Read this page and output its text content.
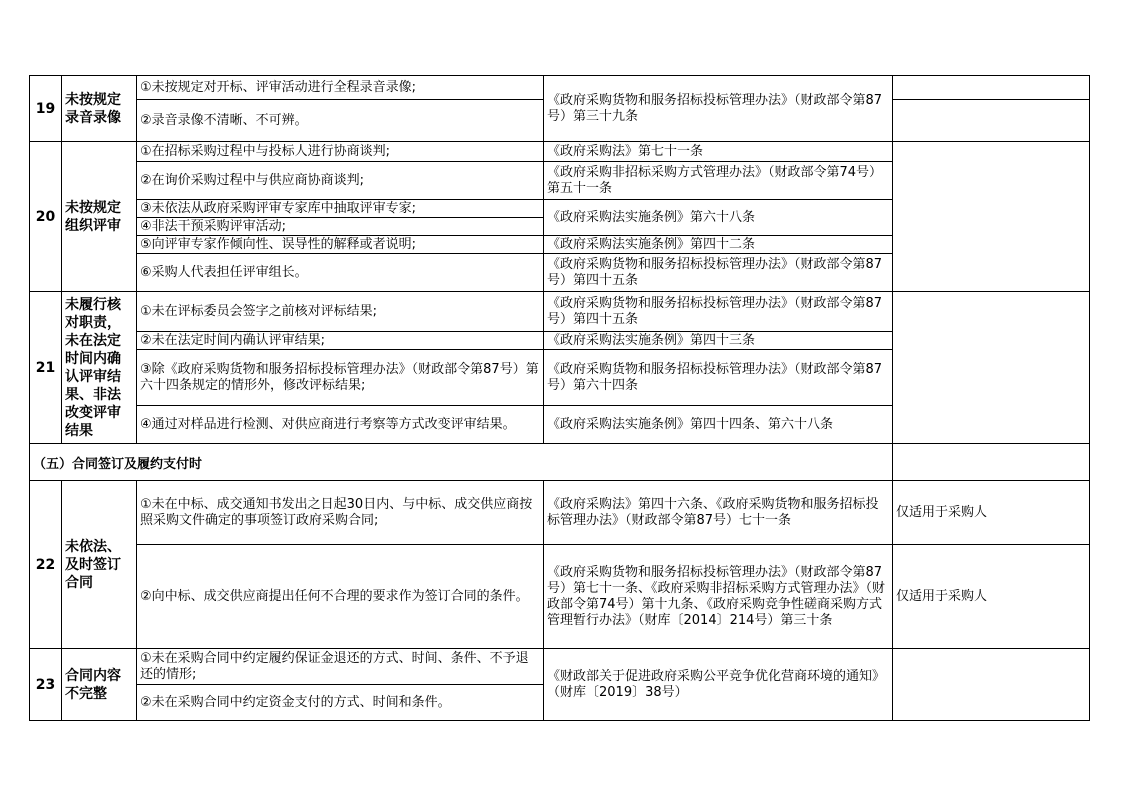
19	未按规定录音录像	①未按规定对开标、评审活动进行全程录音录像;	《政府采购货物和服务招标投标管理办法》（财政部令第87号）第三十九条	
		②录音录像不清晰、不可辨。		
20	未按规定组织评审	①在招标采购过程中与投标人进行协商谈判;	《政府采购法》第七十一条	
		②在询价采购过程中与供应商协商谈判;	《政府采购非招标采购方式管理办法》（财政部令第74号）第五十一条	
		③未依法从政府采购评审专家库中抽取评审专家;	《政府采购法实施条例》第六十八条	
		④非法干预采购评审活动;		
		⑤向评审专家作倾向性、误导性的解释或者说明;	《政府采购法实施条例》第四十二条	
		⑥采购人代表担任评审组长。	《政府采购货物和服务招标投标管理办法》（财政部令第87号）第四十五条	
21	未履行核对职责，未在法定时间内确认评审结果、非法改变评审结果	①未在评标委员会签字之前核对评标结果;	《政府采购货物和服务招标投标管理办法》（财政部令第87号）第四十五条	
		②未在法定时间内确认评审结果;	《政府采购法实施条例》第四十三条	
		③除《政府采购货物和服务招标投标管理办法》（财政部令第87号）第六十四条规定的情形外，修改评标结果;	《政府采购货物和服务招标投标管理办法》（财政部令第87号）第六十四条	
		④通过对样品进行检测、对供应商进行考察等方式改变评审结果。	《政府采购法实施条例》第四十四条、第六十八条	
（五）合同签订及履约支付时				
22	未依法、及时签订合同	①未在中标、成交通知书发出之日起30日内、与中标、成交供应商按照采购文件确定的事项签订政府采购合同;	《政府采购法》第四十六条、《政府采购货物和服务招标投标管理办法》（财政部令第87号）七十一条	仅适用于采购人
		②向中标、成交供应商提出任何不合理的要求作为签订合同的条件。	《政府采购货物和服务招标投标管理办法》（财政部令第87号）第七十一条、《政府采购非招标采购方式管理办法》（财政部令第74号）第十九条、《政府采购竞争性磋商采购方式管理暂行办法》（财库〔2014〕214号）第三十条	仅适用于采购人
23	合同内容不完整	①未在采购合同中约定履约保证金退还的方式、时间、条件、不予退还的情形;	《财政部关于促进政府采购公平竞争优化营商环境的通知》（财库〔2019〕38号）	
		②未在采购合同中约定资金支付的方式、时间和条件。		
